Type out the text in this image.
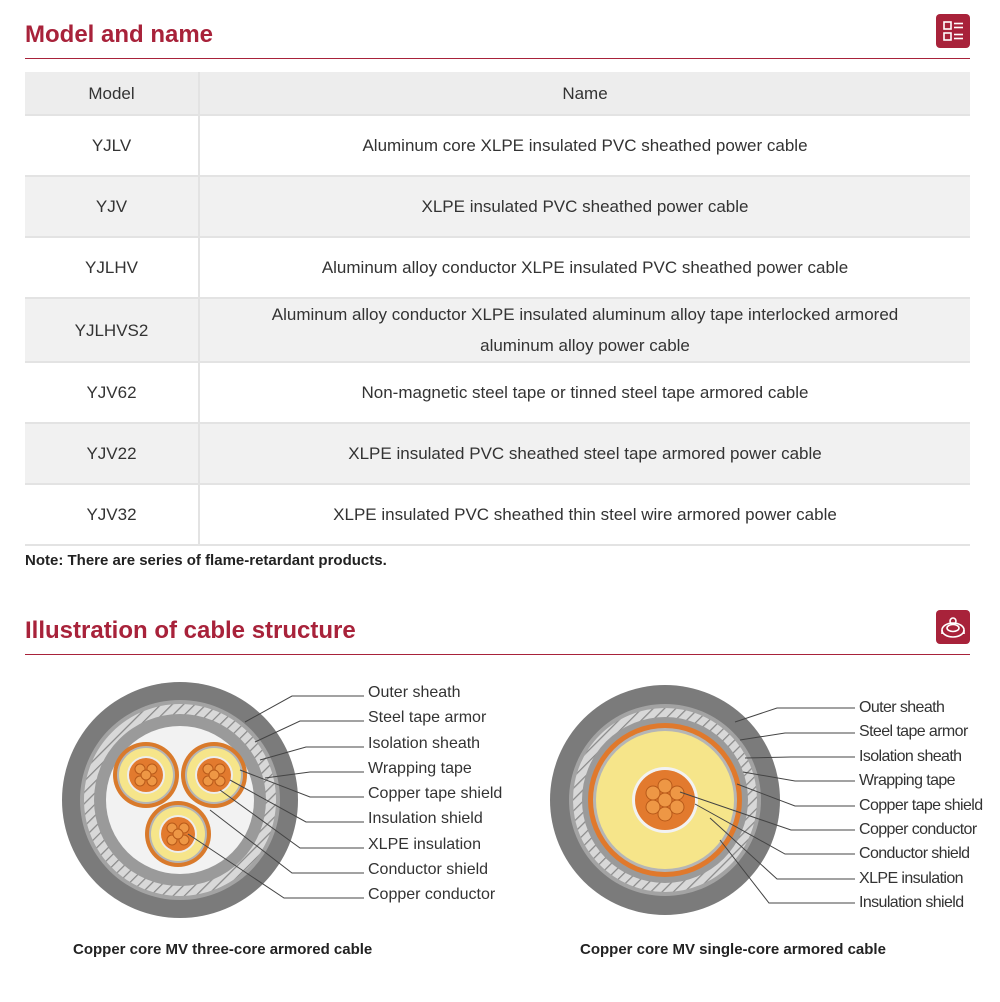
Model and name
Model	Name
YJLV	Aluminum core XLPE insulated PVC sheathed power cable
YJV	XLPE insulated PVC sheathed power cable
YJLHV	Aluminum alloy conductor XLPE insulated PVC sheathed power cable
YJLHVS2	Aluminum alloy conductor XLPE insulated aluminum alloy tape interlocked armored aluminum alloy power cable

YJV62	Non-magnetic steel tape or tinned steel tape armored cable
YJV22	XLPE insulated PVC sheathed steel tape armored power cable
YJV32	XLPE insulated PVC sheathed thin steel wire armored power cable

Note: There are series of flame-retardant products.

Illustration of cable structure
Outer sheath
Steel tape armor
Isolation sheath
Wrapping tape
Copper tape shield
Insulation shield
XLPE insulation
Conductor shield
Copper conductor
Outer sheath
Steel tape armor
Isolation sheath
Wrapping tape
Copper tape shield
Copper conductor
Conductor shield
XLPE insulation
Insulation shield

Copper core MV three-core armored cable	Copper core MV single-core armored cable
